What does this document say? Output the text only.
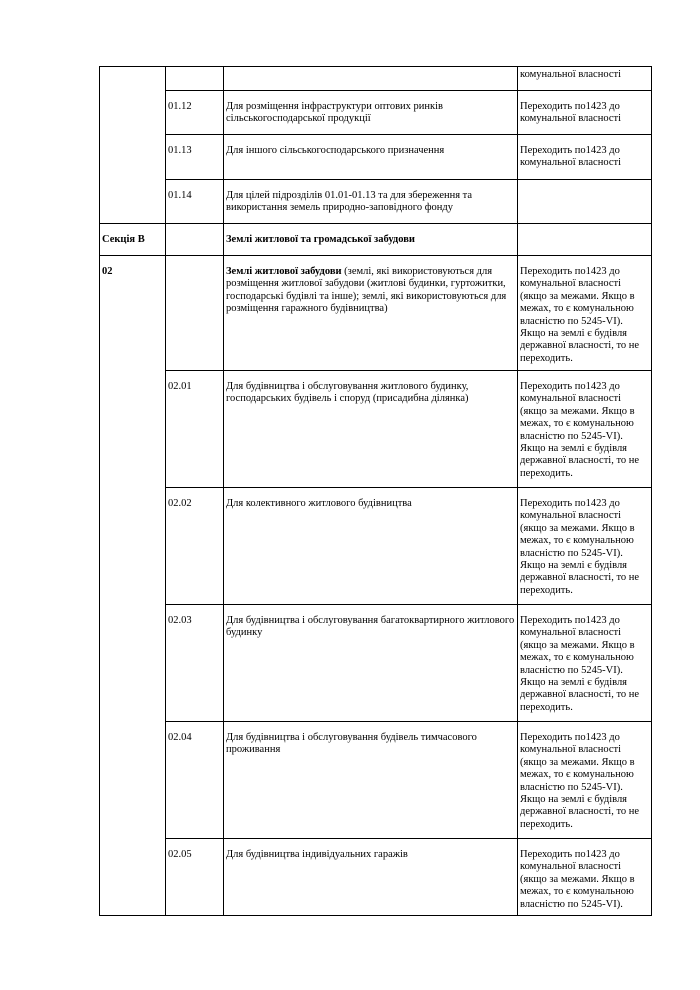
			комунальної власності
	01.12	Для розміщення інфраструктури оптових ринків сільськогосподарської продукції	Переходить по1423 до комунальної власності
	01.13	Для іншого сільськогосподарського призначення	Переходить по1423 до комунальної власності
	01.14	Для цілей підрозділів 01.01-01.13 та для збереження та використання земель природно-заповідного фонду	
Секція В		Землі житлової та громадської забудови	
02		Землі житлової забудови (землі, які використовуються для розміщення житлової забудови (житлові будинки, гуртожитки, господарські будівлі та інше); землі, які використовуються для розміщення гаражного будівництва)	Переходить по1423 до комунальної власності (якщо за межами. Якщо в межах, то є комунальною власністю по 5245-VI). Якщо на землі є будівля державної власності, то не переходить.
	02.01	Для будівництва і обслуговування житлового будинку, господарських будівель і споруд (присадибна ділянка)	Переходить по1423 до комунальної власності (якщо за межами. Якщо в межах, то є комунальною власністю по 5245-VI). Якщо на землі є будівля державної власності, то не переходить.
	02.02	Для колективного житлового будівництва	Переходить по1423 до комунальної власності (якщо за межами. Якщо в межах, то є комунальною власністю по 5245-VI). Якщо на землі є будівля державної власності, то не переходить.
	02.03	Для будівництва і обслуговування багатоквартирного житлового будинку	Переходить по1423 до комунальної власності (якщо за межами. Якщо в межах, то є комунальною власністю по 5245-VI). Якщо на землі є будівля державної власності, то не переходить.
	02.04	Для будівництва і обслуговування будівель тимчасового проживання	Переходить по1423 до комунальної власності (якщо за межами. Якщо в межах, то є комунальною власністю по 5245-VI). Якщо на землі є будівля державної власності, то не переходить.
	02.05	Для будівництва індивідуальних гаражів	Переходить по1423 до комунальної власності (якщо за межами. Якщо в межах, то є комунальною власністю по 5245-VI).
